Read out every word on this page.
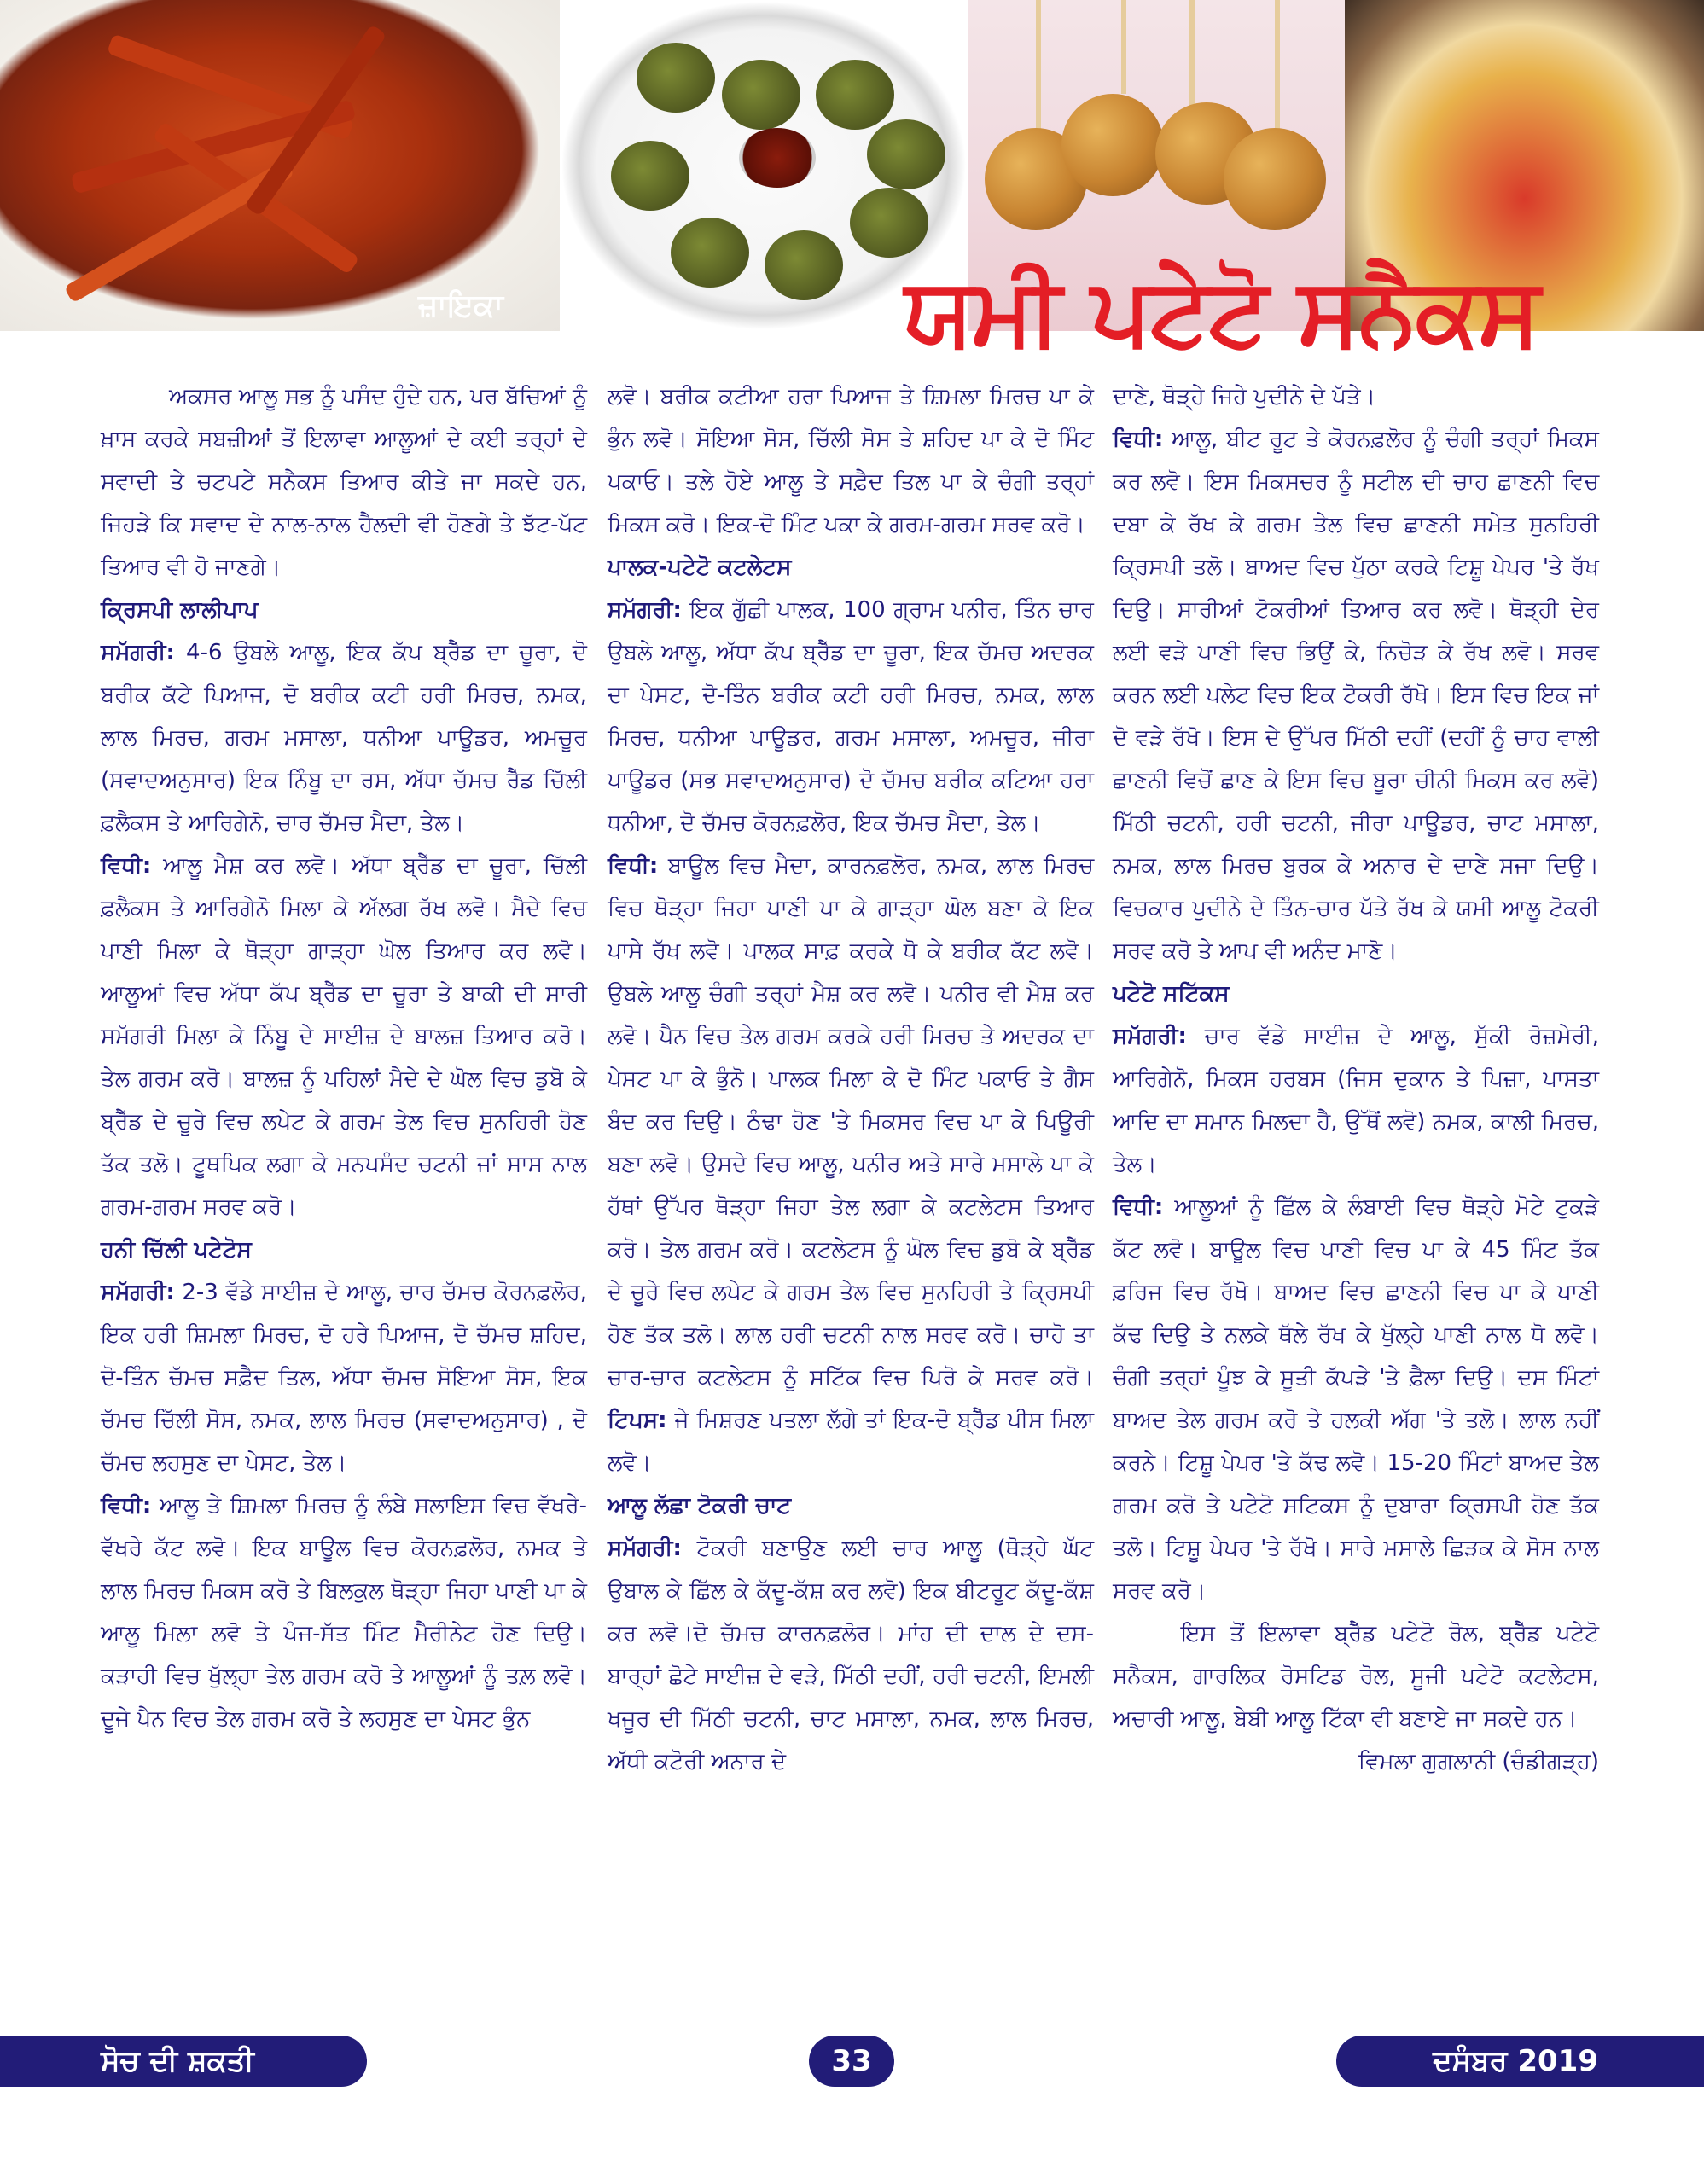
ਜ਼ਾਇਕਾ	ਯਮੀ ਪਟੇਟੋ ਸਨੈਕਸ

ਅਕਸਰ ਆਲੂ ਸਭ ਨੂੰ ਪਸੰਦ ਹੁੰਦੇ ਹਨ, ਪਰ ਬੱਚਿਆਂ ਨੂੰ ਖ਼ਾਸ ਕਰਕੇ ਸਬਜ਼ੀਆਂ ਤੋਂ ਇਲਾਵਾ ਆਲੂਆਂ ਦੇ ਕਈ ਤਰ੍ਹਾਂ ਦੇ ਸਵਾਦੀ ਤੇ ਚਟਪਟੇ ਸਨੈਕਸ ਤਿਆਰ ਕੀਤੇ ਜਾ ਸਕਦੇ ਹਨ, ਜਿਹੜੇ ਕਿ ਸਵਾਦ ਦੇ ਨਾਲ-ਨਾਲ ਹੈਲਦੀ ਵੀ ਹੋਣਗੇ ਤੇ ਝੱਟ-ਪੱਟ ਤਿਆਰ ਵੀ ਹੋ ਜਾਣਗੇ।

ਕ੍ਰਿਸਪੀ ਲਾਲੀਪਾਪ

ਸਮੱਗਰੀ: 4-6 ਉਬਲੇ ਆਲੂ, ਇਕ ਕੱਪ ਬ੍ਰੈੱਡ ਦਾ ਚੂਰਾ, ਦੋ ਬਰੀਕ ਕੱਟੇ ਪਿਆਜ, ਦੋ ਬਰੀਕ ਕਟੀ ਹਰੀ ਮਿਰਚ, ਨਮਕ, ਲਾਲ ਮਿਰਚ, ਗਰਮ ਮਸਾਲਾ, ਧਨੀਆ ਪਾਊਡਰ, ਅਮਚੂਰ (ਸਵਾਦਅਨੁਸਾਰ) ਇਕ ਨਿੰਬੂ ਦਾ ਰਸ, ਅੱਧਾ ਚੱਮਚ ਰੈੱਡ ਚਿੱਲੀ ਫ਼ਲੈਕਸ ਤੇ ਆਰਿਗੇਨੋ, ਚਾਰ ਚੱਮਚ ਮੈਦਾ, ਤੇਲ।

ਵਿਧੀ: ਆਲੂ ਮੈਸ਼ ਕਰ ਲਵੋ। ਅੱਧਾ ਬ੍ਰੈੱਡ ਦਾ ਚੂਰਾ, ਚਿੱਲੀ ਫ਼ਲੈਕਸ ਤੇ ਆਰਿਗੇਨੋ ਮਿਲਾ ਕੇ ਅੱਲਗ ਰੱਖ ਲਵੋ। ਮੈਦੇ ਵਿਚ ਪਾਣੀ ਮਿਲਾ ਕੇ ਥੋੜ੍ਹਾ ਗਾੜ੍ਹਾ ਘੋਲ ਤਿਆਰ ਕਰ ਲਵੋ। ਆਲੂਆਂ ਵਿਚ ਅੱਧਾ ਕੱਪ ਬ੍ਰੈੱਡ ਦਾ ਚੂਰਾ ਤੇ ਬਾਕੀ ਦੀ ਸਾਰੀ ਸਮੱਗਰੀ ਮਿਲਾ ਕੇ ਨਿੰਬੂ ਦੇ ਸਾਈਜ਼ ਦੇ ਬਾਲਜ਼ ਤਿਆਰ ਕਰੋ। ਤੇਲ ਗਰਮ ਕਰੋ। ਬਾਲਜ਼ ਨੂੰ ਪਹਿਲਾਂ ਮੈਦੇ ਦੇ ਘੋਲ ਵਿਚ ਡੁਬੋ ਕੇ ਬ੍ਰੈੱਡ ਦੇ ਚੂਰੇ ਵਿਚ ਲਪੇਟ ਕੇ ਗਰਮ ਤੇਲ ਵਿਚ ਸੁਨਹਿਰੀ ਹੋਣ ਤੱਕ ਤਲੋ। ਟੂਥਪਿਕ ਲਗਾ ਕੇ ਮਨਪਸੰਦ ਚਟਨੀ ਜਾਂ ਸਾਸ ਨਾਲ ਗਰਮ-ਗਰਮ ਸਰਵ ਕਰੋ।

ਹਨੀ ਚਿੱਲੀ ਪਟੇਟੋਸ

ਸਮੱਗਰੀ: 2-3 ਵੱਡੇ ਸਾਈਜ਼ ਦੇ ਆਲੂ, ਚਾਰ ਚੱਮਚ ਕੋਰਨਫ਼ਲੋਰ, ਇਕ ਹਰੀ ਸ਼ਿਮਲਾ ਮਿਰਚ, ਦੋ ਹਰੇ ਪਿਆਜ, ਦੋ ਚੱਮਚ ਸ਼ਹਿਦ, ਦੋ-ਤਿੰਨ ਚੱਮਚ ਸਫ਼ੈਦ ਤਿਲ, ਅੱਧਾ ਚੱਮਚ ਸੋਇਆ ਸੋਸ, ਇਕ ਚੱਮਚ ਚਿੱਲੀ ਸੋਸ, ਨਮਕ, ਲਾਲ ਮਿਰਚ (ਸਵਾਦਅਨੁਸਾਰ) , ਦੋ ਚੱਮਚ ਲਹਸੁਣ ਦਾ ਪੇਸਟ, ਤੇਲ।

ਵਿਧੀ: ਆਲੂ ਤੇ ਸ਼ਿਮਲਾ ਮਿਰਚ ਨੂੰ ਲੰਬੇ ਸਲਾਇਸ ਵਿਚ ਵੱਖਰੇ-ਵੱਖਰੇ ਕੱਟ ਲਵੋ। ਇਕ ਬਾਊਲ ਵਿਚ ਕੋਰਨਫ਼ਲੋਰ, ਨਮਕ ਤੇ ਲਾਲ ਮਿਰਚ ਮਿਕਸ ਕਰੋ ਤੇ ਬਿਲਕੁਲ ਥੋੜ੍ਹਾ ਜਿਹਾ ਪਾਣੀ ਪਾ ਕੇ ਆਲੂ ਮਿਲਾ ਲਵੋ ਤੇ ਪੰਜ-ਸੱਤ ਮਿੰਟ ਮੈਰੀਨੇਟ ਹੋਣ ਦਿਉ। ਕੜਾਹੀ ਵਿਚ ਖੁੱਲ੍ਹਾ ਤੇਲ ਗਰਮ ਕਰੋ ਤੇ ਆਲੂਆਂ ਨੂੰ ਤਲ਼ ਲਵੋ। ਦੂਜੇ ਪੈਨ ਵਿਚ ਤੇਲ ਗਰਮ ਕਰੋ ਤੇ ਲਹਸੁਣ ਦਾ ਪੇਸਟ ਭੁੰਨ

ਲਵੋ। ਬਰੀਕ ਕਟੀਆ ਹਰਾ ਪਿਆਜ ਤੇ ਸ਼ਿਮਲਾ ਮਿਰਚ ਪਾ ਕੇ ਭੁੰਨ ਲਵੋ। ਸੋਇਆ ਸੋਸ, ਚਿੱਲੀ ਸੋਸ ਤੇ ਸ਼ਹਿਦ ਪਾ ਕੇ ਦੋ ਮਿੰਟ ਪਕਾਓ। ਤਲੇ ਹੋਏ ਆਲੂ ਤੇ ਸਫ਼ੈਦ ਤਿਲ ਪਾ ਕੇ ਚੰਗੀ ਤਰ੍ਹਾਂ ਮਿਕਸ ਕਰੋ। ਇਕ-ਦੋ ਮਿੰਟ ਪਕਾ ਕੇ ਗਰਮ-ਗਰਮ ਸਰਵ ਕਰੋ।

ਪਾਲਕ-ਪਟੇਟੋ ਕਟਲੇਟਸ

ਸਮੱਗਰੀ: ਇਕ ਗੁੱਛੀ ਪਾਲਕ, 100 ਗ੍ਰਾਮ ਪਨੀਰ, ਤਿੰਨ ਚਾਰ ਉਬਲੇ ਆਲੂ, ਅੱਧਾ ਕੱਪ ਬ੍ਰੈੱਡ ਦਾ ਚੂਰਾ, ਇਕ ਚੱਮਚ ਅਦਰਕ ਦਾ ਪੇਸਟ, ਦੋ-ਤਿੰਨ ਬਰੀਕ ਕਟੀ ਹਰੀ ਮਿਰਚ, ਨਮਕ, ਲਾਲ ਮਿਰਚ, ਧਨੀਆ ਪਾਊਡਰ, ਗਰਮ ਮਸਾਲਾ, ਅਮਚੂਰ, ਜੀਰਾ ਪਾਊਡਰ (ਸਭ ਸਵਾਦਅਨੁਸਾਰ) ਦੋ ਚੱਮਚ ਬਰੀਕ ਕਟਿਆ ਹਰਾ ਧਨੀਆ, ਦੋ ਚੱਮਚ ਕੋਰਨਫ਼ਲੋਰ, ਇਕ ਚੱਮਚ ਮੈਦਾ, ਤੇਲ।

ਵਿਧੀ: ਬਾਊਲ ਵਿਚ ਮੈਦਾ, ਕਾਰਨਫ਼ਲੋਰ, ਨਮਕ, ਲਾਲ ਮਿਰਚ ਵਿਚ ਥੋੜ੍ਹਾ ਜਿਹਾ ਪਾਣੀ ਪਾ ਕੇ ਗਾੜ੍ਹਾ ਘੋਲ ਬਣਾ ਕੇ ਇਕ ਪਾਸੇ ਰੱਖ ਲਵੋ। ਪਾਲਕ ਸਾਫ਼ ਕਰਕੇ ਧੋ ਕੇ ਬਰੀਕ ਕੱਟ ਲਵੋ। ਉਬਲੇ ਆਲੂ ਚੰਗੀ ਤਰ੍ਹਾਂ ਮੈਸ਼ ਕਰ ਲਵੋ। ਪਨੀਰ ਵੀ ਮੈਸ਼ ਕਰ ਲਵੋ। ਪੈਨ ਵਿਚ ਤੇਲ ਗਰਮ ਕਰਕੇ ਹਰੀ ਮਿਰਚ ਤੇ ਅਦਰਕ ਦਾ ਪੇਸਟ ਪਾ ਕੇ ਭੁੰਨੋ। ਪਾਲਕ ਮਿਲਾ ਕੇ ਦੋ ਮਿੰਟ ਪਕਾਓ ਤੇ ਗੈਸ ਬੰਦ ਕਰ ਦਿਉ। ਠੰਢਾ ਹੋਣ 'ਤੇ ਮਿਕਸਰ ਵਿਚ ਪਾ ਕੇ ਪਿਊਰੀ ਬਣਾ ਲਵੋ। ਉਸਦੇ ਵਿਚ ਆਲੂ, ਪਨੀਰ ਅਤੇ ਸਾਰੇ ਮਸਾਲੇ ਪਾ ਕੇ ਹੱਥਾਂ ਉੱਪਰ ਥੋੜ੍ਹਾ ਜਿਹਾ ਤੇਲ ਲਗਾ ਕੇ ਕਟਲੇਟਸ ਤਿਆਰ ਕਰੋ। ਤੇਲ ਗਰਮ ਕਰੋ। ਕਟਲੇਟਸ ਨੂੰ ਘੋਲ ਵਿਚ ਡੁਬੋ ਕੇ ਬ੍ਰੈੱਡ ਦੇ ਚੂਰੇ ਵਿਚ ਲਪੇਟ ਕੇ ਗਰਮ ਤੇਲ ਵਿਚ ਸੁਨਹਿਰੀ ਤੇ ਕ੍ਰਿਸਪੀ ਹੋਣ ਤੱਕ ਤਲੋ। ਲਾਲ ਹਰੀ ਚਟਨੀ ਨਾਲ ਸਰਵ ਕਰੋ। ਚਾਹੋ ਤਾ ਚਾਰ-ਚਾਰ ਕਟਲੇਟਸ ਨੂੰ ਸਟਿੱਕ ਵਿਚ ਪਿਰੋ ਕੇ ਸਰਵ ਕਰੋ। ਟਿਪਸ: ਜੇ ਮਿਸ਼ਰਣ ਪਤਲਾ ਲੱਗੇ ਤਾਂ ਇਕ-ਦੋ ਬ੍ਰੈੱਡ ਪੀਸ ਮਿਲਾ ਲਵੋ।

ਆਲੂ ਲੱਛਾ ਟੋਕਰੀ ਚਾਟ

ਸਮੱਗਰੀ: ਟੋਕਰੀ ਬਣਾਉਣ ਲਈ ਚਾਰ ਆਲੂ (ਥੋੜ੍ਹੇ ਘੱਟ ਉਬਾਲ ਕੇ ਛਿੱਲ ਕੇ ਕੱਦੂ-ਕੱਸ਼ ਕਰ ਲਵੋ) ਇਕ ਬੀਟਰੂਟ ਕੱਦੂ-ਕੱਸ਼ ਕਰ ਲਵੋ।ਦੋ ਚੱਮਚ ਕਾਰਨਫ਼ਲੋਰ। ਮਾਂਹ ਦੀ ਦਾਲ ਦੇ ਦਸ-ਬਾਰ੍ਹਾਂ ਛੋਟੇ ਸਾਈਜ਼ ਦੇ ਵੜੇ, ਮਿੱਠੀ ਦਹੀਂ, ਹਰੀ ਚਟਨੀ, ਇਮਲੀ ਖਜੂਰ ਦੀ ਮਿੱਠੀ ਚਟਨੀ, ਚਾਟ ਮਸਾਲਾ, ਨਮਕ, ਲਾਲ ਮਿਰਚ, ਅੱਧੀ ਕਟੋਰੀ ਅਨਾਰ ਦੇ

ਦਾਣੇ, ਥੋੜ੍ਹੇ ਜਿਹੇ ਪੁਦੀਨੇ ਦੇ ਪੱਤੇ।

ਵਿਧੀ: ਆਲੂ, ਬੀਟ ਰੂਟ ਤੇ ਕੋਰਨਫ਼ਲੋਰ ਨੂੰ ਚੰਗੀ ਤਰ੍ਹਾਂ ਮਿਕਸ ਕਰ ਲਵੋ। ਇਸ ਮਿਕਸਚਰ ਨੂੰ ਸਟੀਲ ਦੀ ਚਾਹ ਛਾਣਨੀ ਵਿਚ ਦਬਾ ਕੇ ਰੱਖ ਕੇ ਗਰਮ ਤੇਲ ਵਿਚ ਛਾਣਨੀ ਸਮੇਤ ਸੁਨਹਿਰੀ ਕ੍ਰਿਸਪੀ ਤਲੋ। ਬਾਅਦ ਵਿਚ ਪੁੱਠਾ ਕਰਕੇ ਟਿਸ਼ੂ ਪੇਪਰ 'ਤੇ ਰੱਖ ਦਿਉ। ਸਾਰੀਆਂ ਟੋਕਰੀਆਂ ਤਿਆਰ ਕਰ ਲਵੋ। ਥੋੜ੍ਹੀ ਦੇਰ ਲਈ ਵੜੇ ਪਾਣੀ ਵਿਚ ਭਿਉਂ ਕੇ, ਨਿਚੋੜ ਕੇ ਰੱਖ ਲਵੋ। ਸਰਵ ਕਰਨ ਲਈ ਪਲੇਟ ਵਿਚ ਇਕ ਟੋਕਰੀ ਰੱਖੋ। ਇਸ ਵਿਚ ਇਕ ਜਾਂ ਦੋ ਵੜੇ ਰੱਖੋ। ਇਸ ਦੇ ਉੱਪਰ ਮਿੱਠੀ ਦਹੀਂ (ਦਹੀਂ ਨੂੰ ਚਾਹ ਵਾਲੀ ਛਾਣਨੀ ਵਿਚੋਂ ਛਾਣ ਕੇ ਇਸ ਵਿਚ ਬੂਰਾ ਚੀਨੀ ਮਿਕਸ ਕਰ ਲਵੋ) ਮਿੱਠੀ ਚਟਨੀ, ਹਰੀ ਚਟਨੀ, ਜੀਰਾ ਪਾਊਡਰ, ਚਾਟ ਮਸਾਲਾ, ਨਮਕ, ਲਾਲ ਮਿਰਚ ਬੁਰਕ ਕੇ ਅਨਾਰ ਦੇ ਦਾਣੇ ਸਜਾ ਦਿਉ। ਵਿਚਕਾਰ ਪੁਦੀਨੇ ਦੇ ਤਿੰਨ-ਚਾਰ ਪੱਤੇ ਰੱਖ ਕੇ ਯਮੀ ਆਲੂ ਟੋਕਰੀ ਸਰਵ ਕਰੋ ਤੇ ਆਪ ਵੀ ਅਨੰਦ ਮਾਣੋ।

ਪਟੇਟੋ ਸਟਿੱਕਸ

ਸਮੱਗਰੀ: ਚਾਰ ਵੱਡੇ ਸਾਈਜ਼ ਦੇ ਆਲੂ, ਸੁੱਕੀ ਰੋਜ਼ਮੇਰੀ, ਆਰਿਗੇਨੋ, ਮਿਕਸ ਹਰਬਸ (ਜਿਸ ਦੁਕਾਨ ਤੇ ਪਿਜ਼ਾ, ਪਾਸਤਾ ਆਦਿ ਦਾ ਸਮਾਨ ਮਿਲਦਾ ਹੈ, ਉੱਥੋਂ ਲਵੋ) ਨਮਕ, ਕਾਲੀ ਮਿਰਚ, ਤੇਲ।

ਵਿਧੀ: ਆਲੂਆਂ ਨੂੰ ਛਿੱਲ ਕੇ ਲੰਬਾਈ ਵਿਚ ਥੋੜ੍ਹੇ ਮੋਟੇ ਟੁਕੜੇ ਕੱਟ ਲਵੋ। ਬਾਊਲ ਵਿਚ ਪਾਣੀ ਵਿਚ ਪਾ ਕੇ 45 ਮਿੰਟ ਤੱਕ ਫ਼ਰਿਜ ਵਿਚ ਰੱਖੋ। ਬਾਅਦ ਵਿਚ ਛਾਣਨੀ ਵਿਚ ਪਾ ਕੇ ਪਾਣੀ ਕੱਢ ਦਿਉ ਤੇ ਨਲਕੇ ਥੱਲੇ ਰੱਖ ਕੇ ਖੁੱਲ੍ਹੇ ਪਾਣੀ ਨਾਲ ਧੋ ਲਵੋ। ਚੰਗੀ ਤਰ੍ਹਾਂ ਪੂੰਝ ਕੇ ਸੂਤੀ ਕੱਪੜੇ 'ਤੇ ਫ਼ੈਲਾ ਦਿਉ। ਦਸ ਮਿੰਟਾਂ ਬਾਅਦ ਤੇਲ ਗਰਮ ਕਰੋ ਤੇ ਹਲਕੀ ਅੱਗ 'ਤੇ ਤਲੋ। ਲਾਲ ਨਹੀਂ ਕਰਨੇ। ਟਿਸ਼ੂ ਪੇਪਰ 'ਤੇ ਕੱਢ ਲਵੋ। 15-20 ਮਿੰਟਾਂ ਬਾਅਦ ਤੇਲ ਗਰਮ ਕਰੋ ਤੇ ਪਟੇਟੋ ਸਟਿਕਸ ਨੂੰ ਦੁਬਾਰਾ ਕ੍ਰਿਸਪੀ ਹੋਣ ਤੱਕ ਤਲੋ। ਟਿਸ਼ੂ ਪੇਪਰ 'ਤੇ ਰੱਖੋ। ਸਾਰੇ ਮਸਾਲੇ ਛਿੜਕ ਕੇ ਸੋਸ ਨਾਲ ਸਰਵ ਕਰੋ।

ਇਸ ਤੋਂ ਇਲਾਵਾ ਬ੍ਰੈੱਡ ਪਟੇਟੋ ਰੋਲ, ਬ੍ਰੈੱਡ ਪਟੇਟੋ ਸਨੈਕਸ, ਗਾਰਲਿਕ ਰੋਸਟਿਡ ਰੋਲ, ਸੂਜੀ ਪਟੇਟੋ ਕਟਲੇਟਸ, ਅਚਾਰੀ ਆਲੂ, ਬੇਬੀ ਆਲੂ ਟਿੱਕਾ ਵੀ ਬਣਾਏ ਜਾ ਸਕਦੇ ਹਨ।

ਵਿਮਲਾ ਗੁਗਲਾਨੀ (ਚੰਡੀਗੜ੍ਹ)

ਸੋਚ ਦੀ ਸ਼ਕਤੀ	33	ਦਸੰਬਰ 2019
